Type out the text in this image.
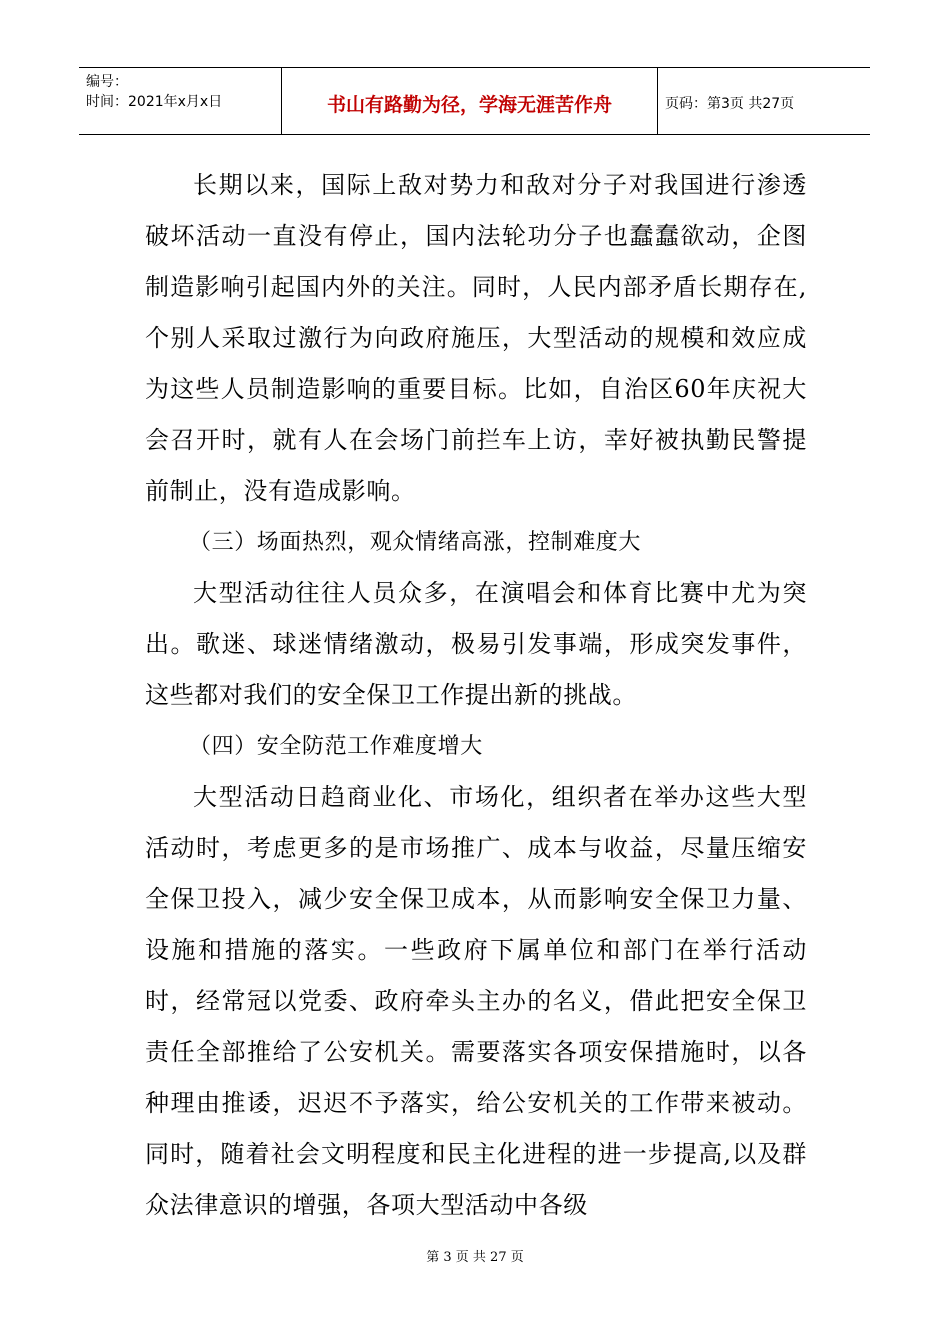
编号：
时间：2021年x月x日	书山有路勤为径，学海无涯苦作舟	页码：第3页 共27页

长期以来，国际上敌对势力和敌对分子对我国进行渗透破坏活动一直没有停止，国内法轮功分子也蠢蠢欲动，企图制造影响引起国内外的关注。同时，人民内部矛盾长期存在,个别人采取过激行为向政府施压，大型活动的规模和效应成为这些人员制造影响的重要目标。比如，自治区60年庆祝大会召开时，就有人在会场门前拦车上访，幸好被执勤民警提前制止，没有造成影响。

（三）场面热烈，观众情绪高涨，控制难度大

大型活动往往人员众多，在演唱会和体育比赛中尤为突出。歌迷、球迷情绪激动，极易引发事端，形成突发事件，这些都对我们的安全保卫工作提出新的挑战。

（四）安全防范工作难度增大

大型活动日趋商业化、市场化，组织者在举办这些大型活动时，考虑更多的是市场推广、成本与收益，尽量压缩安全保卫投入，减少安全保卫成本，从而影响安全保卫力量、设施和措施的落实。一些政府下属单位和部门在举行活动时，经常冠以党委、政府牵头主办的名义，借此把安全保卫责任全部推给了公安机关。需要落实各项安保措施时，以各种理由推诿，迟迟不予落实，给公安机关的工作带来被动。同时，随着社会文明程度和民主化进程的进一步提高,以及群众法律意识的增强，各项大型活动中各级

第 3 页 共 27 页
